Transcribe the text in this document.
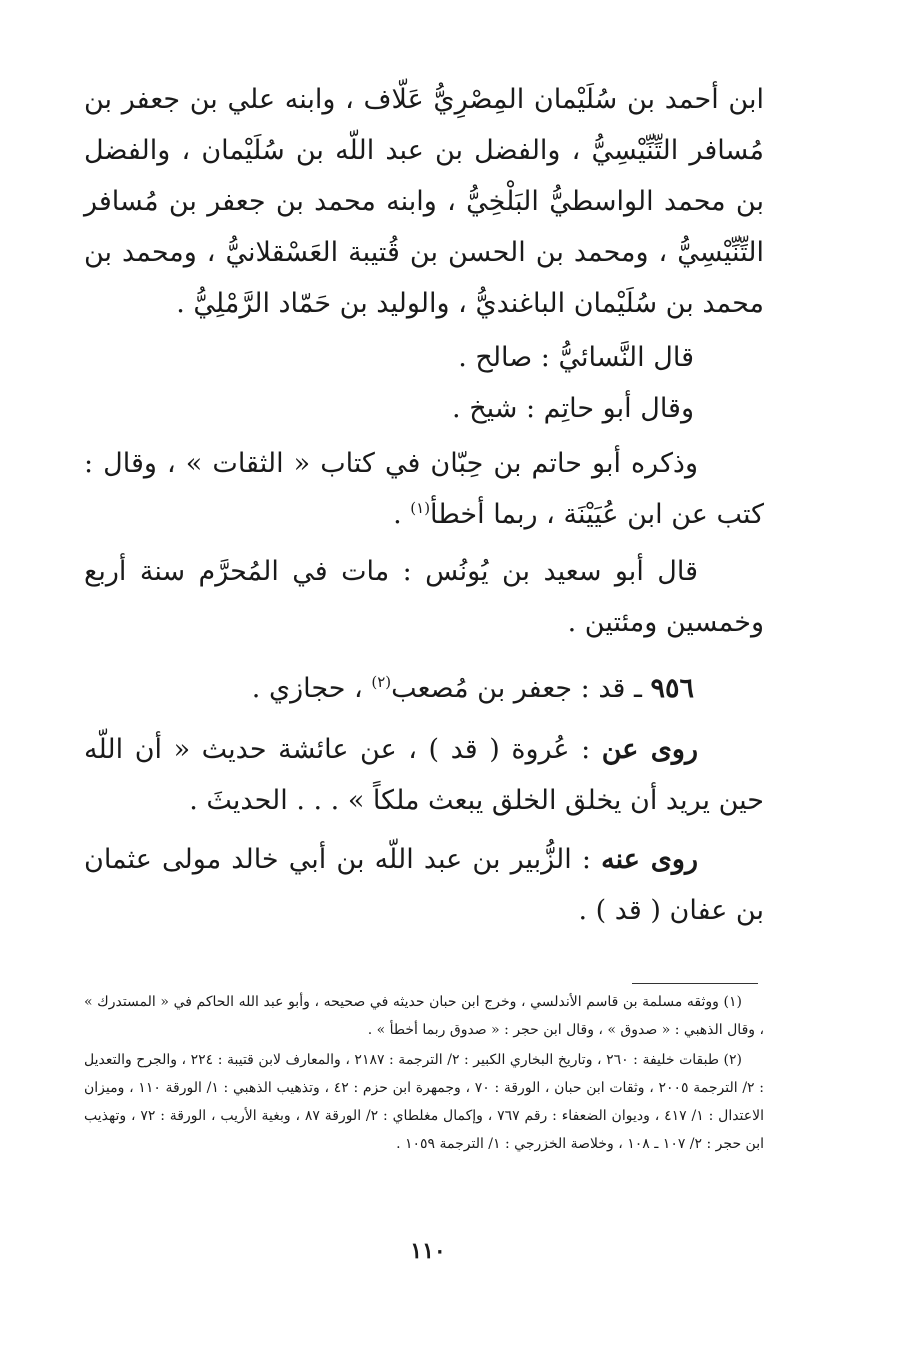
ابن أحمد بن سُلَيْمان المِصْرِيُّ عَلّاف ، وابنه علي بن جعفر بن مُسافر التِّنِّيْسِيُّ ، والفضل بن عبد اللّه بن سُلَيْمان ، والفضل بن محمد الواسطيُّ البَلْخِيُّ ، وابنه محمد بن جعفر بن مُسافر التِّنِّيْسِيُّ ، ومحمد بن الحسن بن قُتيبة العَسْقلانيُّ ، ومحمد بن محمد بن سُلَيْمان الباغنديُّ ، والوليد بن حَمّاد الرَّمْلِيُّ .
قال النَّسائيُّ : صالح .
وقال أبو حاتِم : شيخ .
وذكره أبو حاتم بن حِبّان في كتاب « الثقات » ، وقال : كتب عن ابن عُيَيْنَة ، ربما أخطأ$^{(١)}$ .
قال أبو سعيد بن يُونُس : مات في المُحرَّم سنة أربع وخمسين ومئتين .
٩٥٦ ـ قد : جعفر بن مُصعب$^{(٢)}$ ، حجازي .
روى عن : عُروة ( قد ) ، عن عائشة حديث « أن اللّه حين يريد أن يخلق الخلق يبعث ملكاً » . . . الحديثَ .
روى عنه : الزُّبير بن عبد اللّه بن أبي خالد مولى عثمان بن عفان ( قد ) .
(١) ووثقه مسلمة بن قاسم الأندلسي ، وخرج ابن حبان حديثه في صحيحه ، وأبو عبد الله الحاكم في « المستدرك » ، وقال الذهبي : « صدوق » ، وقال ابن حجر : « صدوق ربما أخطأ » .
(٢) طبقات خليفة : ٢٦٠ ، وتاريخ البخاري الكبير : ٢/ الترجمة : ٢١٨٧ ، والمعارف لابن قتيبة : ٢٢٤ ، والجرح والتعديل : ٢/ الترجمة ٢٠٠٥ ، وثقات ابن حبان ، الورقة : ٧٠ ، وجمهرة ابن حزم : ٤٢ ، وتذهيب الذهبي : ١/ الورقة ١١٠ ، وميزان الاعتدال : ١/ ٤١٧ ، وديوان الضعفاء : رقم ٧٦٧ ، وإكمال مغلطاي : ٢/ الورقة ٨٧ ، وبغية الأريب ، الورقة : ٧٢ ، وتهذيب ابن حجر : ٢/ ١٠٧ ـ ١٠٨ ، وخلاصة الخزرجي : ١/ الترجمة ١٠٥٩ .
١١٠
